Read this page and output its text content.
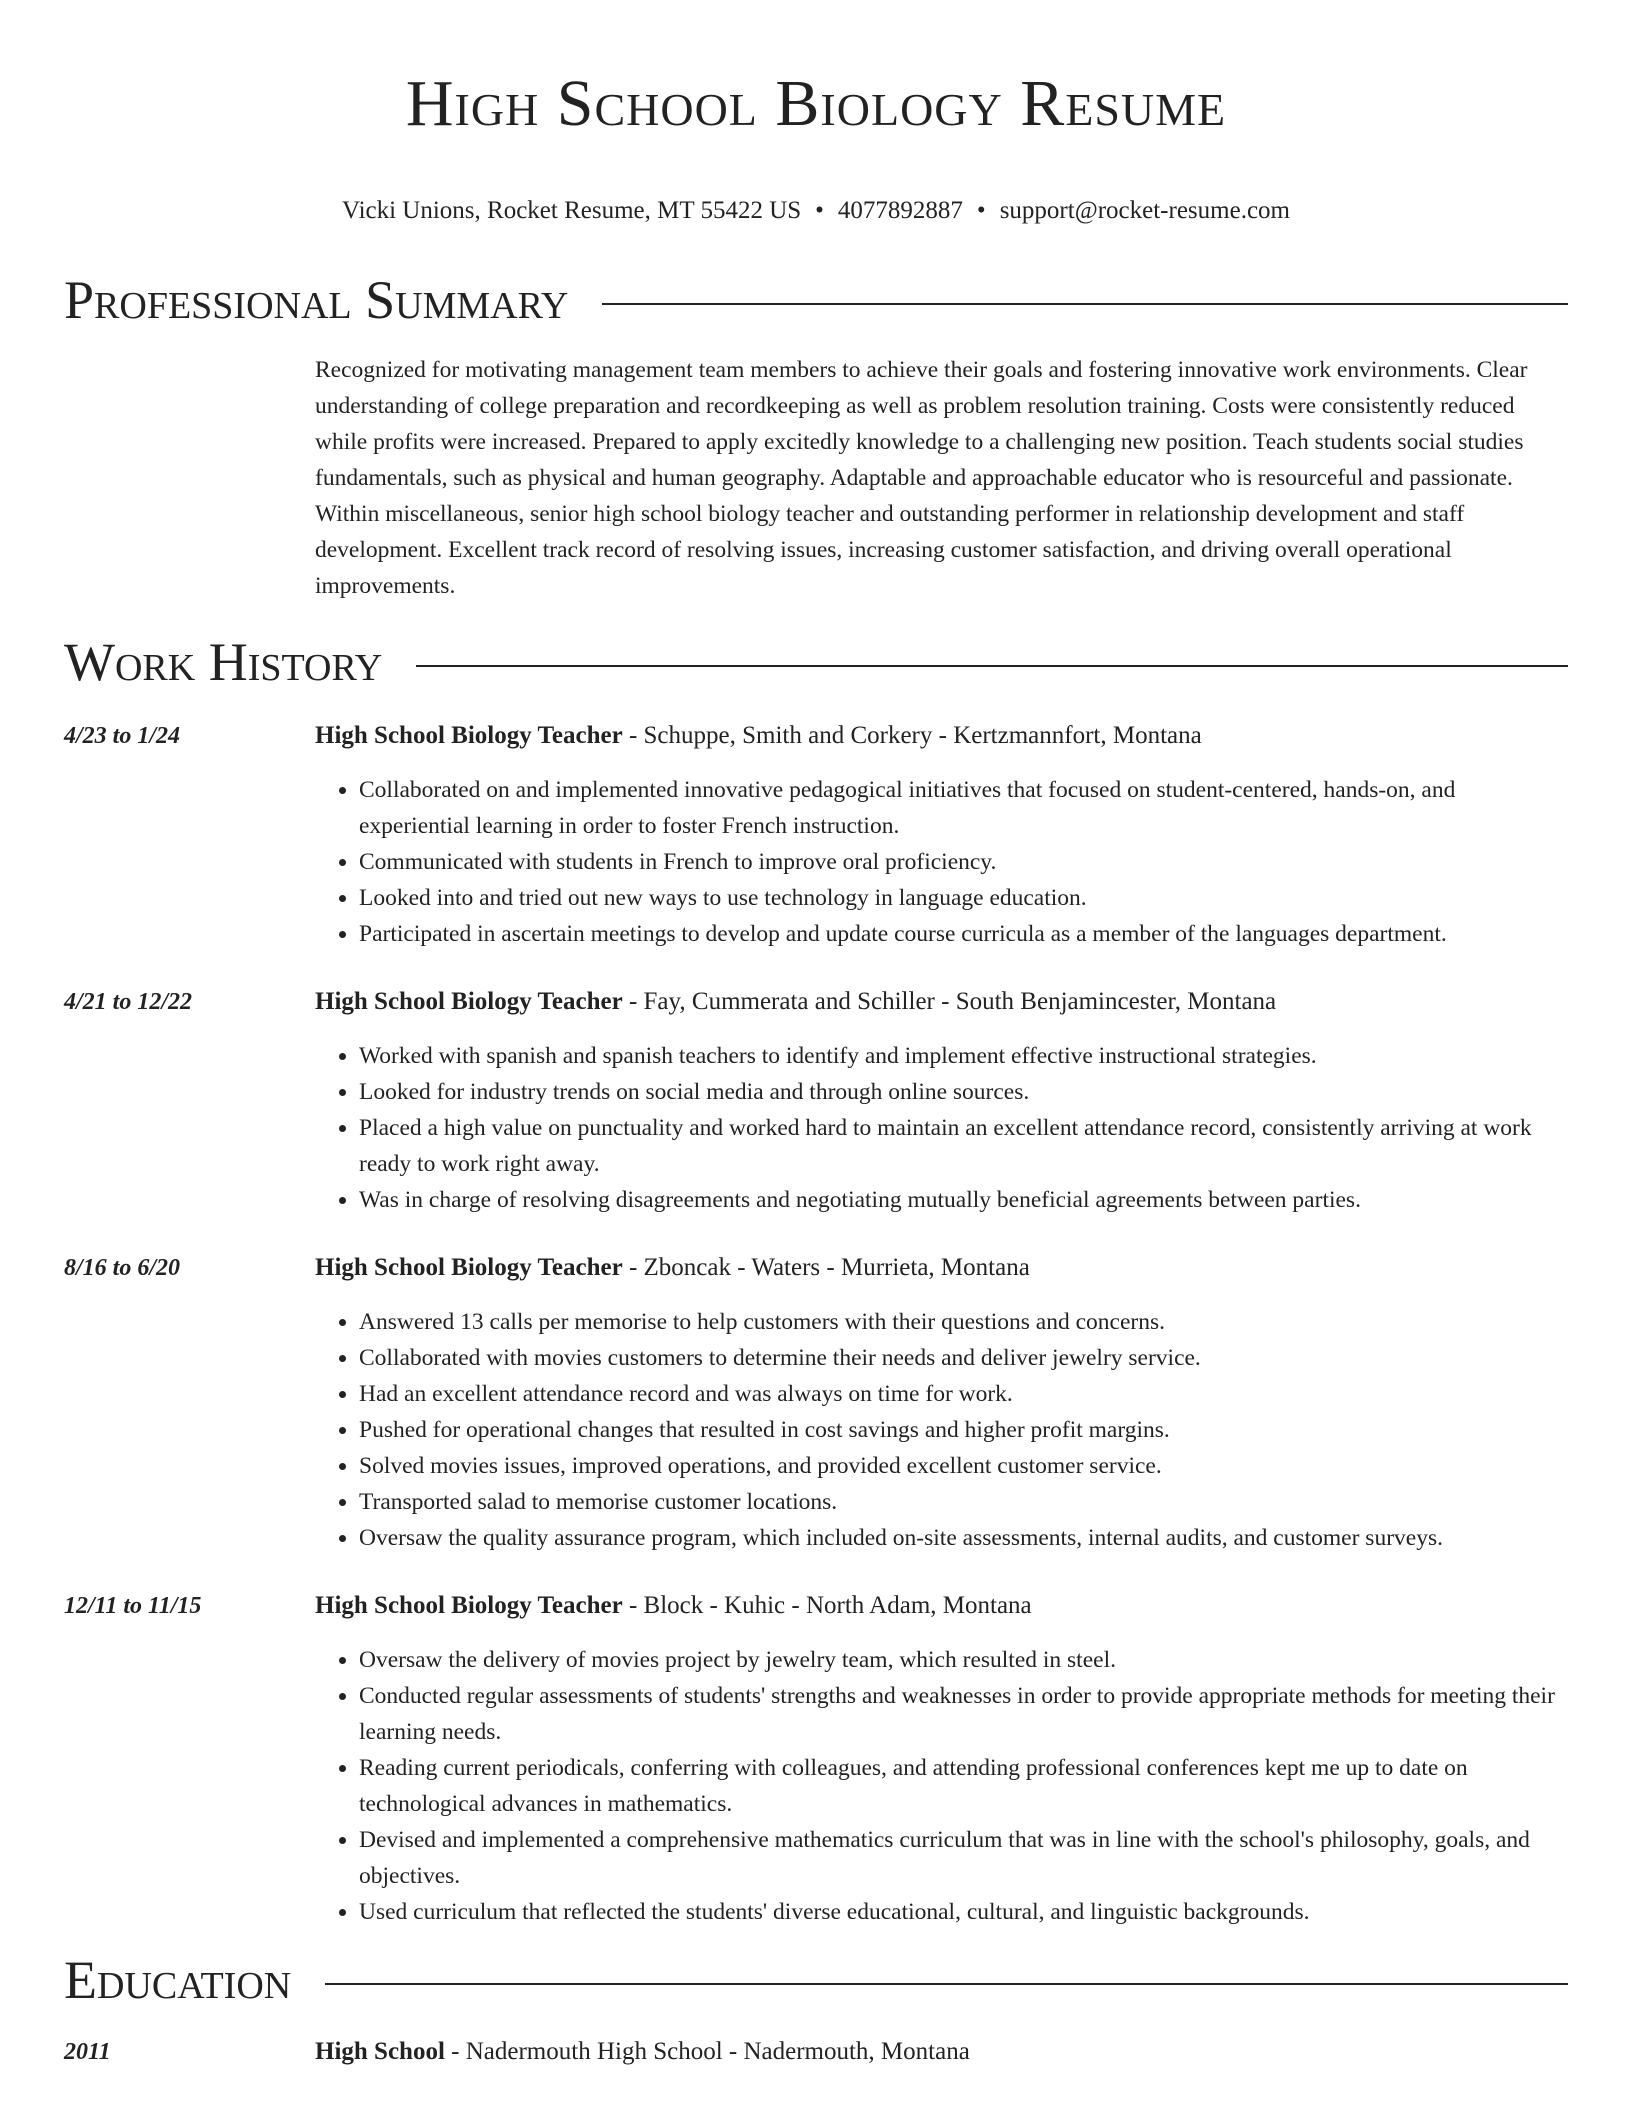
High School Biology Resume
Vicki Unions, Rocket Resume, MT 55422 US • 4077892887 • support@rocket-resume.com
Professional Summary

Recognized for motivating management team members to achieve their goals and fostering innovative work environments. Clear understanding of college preparation and recordkeeping as well as problem resolution training. Costs were consistently reduced while profits were increased. Prepared to apply excitedly knowledge to a challenging new position. Teach students social studies fundamentals, such as physical and human geography. Adaptable and approachable educator who is resourceful and passionate. Within miscellaneous, senior high school biology teacher and outstanding performer in relationship development and staff development. Excellent track record of resolving issues, increasing customer satisfaction, and driving overall operational improvements.

Work History
4/23 to 1/24	High School Biology Teacher - Schuppe, Smith and Corkery - Kertzmannfort, Montana
• Collaborated on and implemented innovative pedagogical initiatives that focused on student-centered, hands-on, and experiential learning in order to foster French instruction.
• Communicated with students in French to improve oral proficiency.
• Looked into and tried out new ways to use technology in language education.
• Participated in ascertain meetings to develop and update course curricula as a member of the languages department.
4/21 to 12/22	High School Biology Teacher - Fay, Cummerata and Schiller - South Benjamincester, Montana
• Worked with spanish and spanish teachers to identify and implement effective instructional strategies.
• Looked for industry trends on social media and through online sources.
• Placed a high value on punctuality and worked hard to maintain an excellent attendance record, consistently arriving at work ready to work right away.
• Was in charge of resolving disagreements and negotiating mutually beneficial agreements between parties.
8/16 to 6/20	High School Biology Teacher - Zboncak - Waters - Murrieta, Montana
• Answered 13 calls per memorise to help customers with their questions and concerns.
• Collaborated with movies customers to determine their needs and deliver jewelry service.
• Had an excellent attendance record and was always on time for work.
• Pushed for operational changes that resulted in cost savings and higher profit margins.
• Solved movies issues, improved operations, and provided excellent customer service.
• Transported salad to memorise customer locations.
• Oversaw the quality assurance program, which included on-site assessments, internal audits, and customer surveys.
12/11 to 11/15	High School Biology Teacher - Block - Kuhic - North Adam, Montana
• Oversaw the delivery of movies project by jewelry team, which resulted in steel.
• Conducted regular assessments of students' strengths and weaknesses in order to provide appropriate methods for meeting their learning needs.
• Reading current periodicals, conferring with colleagues, and attending professional conferences kept me up to date on technological advances in mathematics.
• Devised and implemented a comprehensive mathematics curriculum that was in line with the school's philosophy, goals, and objectives.
• Used curriculum that reflected the students' diverse educational, cultural, and linguistic backgrounds.
Education
2011	High School - Nadermouth High School - Nadermouth, Montana
